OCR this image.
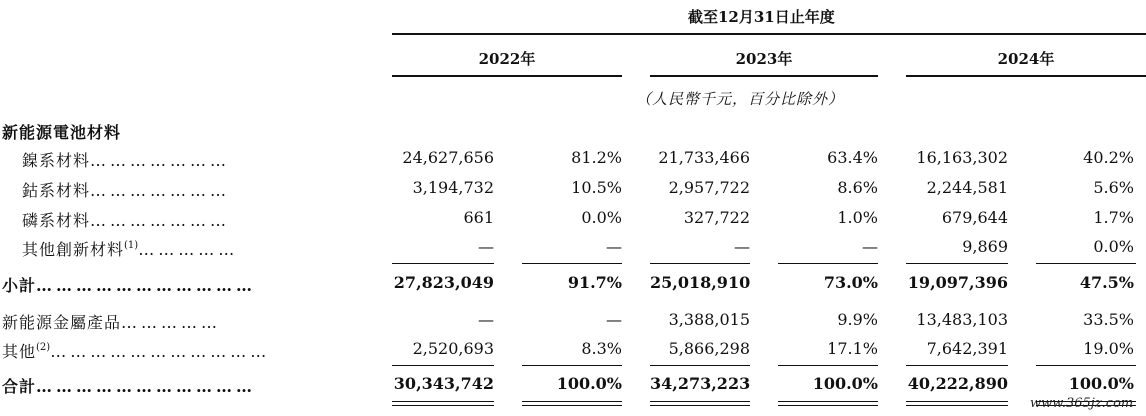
截至12月31日止年度
2022年	2023年	2024年
（人民幣千元，百分比除外）
新能源電池材料
鎳系材料…………………	24,627,656	81.2%	21,733,466	63.4%	16,163,302	40.2%
鈷系材料…………………	3,194,732	10.5%	2,957,722	8.6%	2,244,581	5.6%
磷系材料…………………	661	0.0%	327,722	1.0%	679,644	1.7%
其他創新材料$^{(1)}$……………	—	—	—	—	9,869	0.0%
小計……………………………	27,823,049	91.7% 25,018,910	73.0% 19,097,396	47.5%
新能源金屬產品……………	—	—	3,388,015	9.9%	13,483,103	33.5%
其他$^{(2)}$……………………………	2,520,693	8.3%	5,866,298	17.1%	7,642,391	19.0%
合計……………………………	30,343,742	100.0% 34,273,223	100.0% 40,222,890	100.0%
www.365jz.com
